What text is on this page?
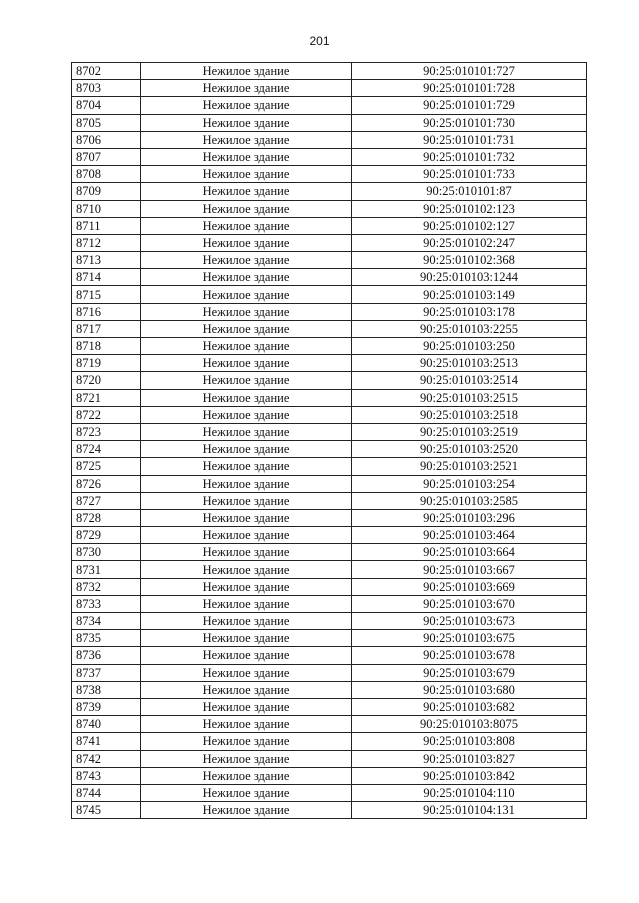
201
8702	Нежилое здание	90:25:010101:727
8703	Нежилое здание	90:25:010101:728
8704	Нежилое здание	90:25:010101:729
8705	Нежилое здание	90:25:010101:730
8706	Нежилое здание	90:25:010101:731
8707	Нежилое здание	90:25:010101:732
8708	Нежилое здание	90:25:010101:733
8709	Нежилое здание	90:25:010101:87
8710	Нежилое здание	90:25:010102:123
8711	Нежилое здание	90:25:010102:127
8712	Нежилое здание	90:25:010102:247
8713	Нежилое здание	90:25:010102:368
8714	Нежилое здание	90:25:010103:1244
8715	Нежилое здание	90:25:010103:149
8716	Нежилое здание	90:25:010103:178
8717	Нежилое здание	90:25:010103:2255
8718	Нежилое здание	90:25:010103:250
8719	Нежилое здание	90:25:010103:2513
8720	Нежилое здание	90:25:010103:2514
8721	Нежилое здание	90:25:010103:2515
8722	Нежилое здание	90:25:010103:2518
8723	Нежилое здание	90:25:010103:2519
8724	Нежилое здание	90:25:010103:2520
8725	Нежилое здание	90:25:010103:2521
8726	Нежилое здание	90:25:010103:254
8727	Нежилое здание	90:25:010103:2585
8728	Нежилое здание	90:25:010103:296
8729	Нежилое здание	90:25:010103:464
8730	Нежилое здание	90:25:010103:664
8731	Нежилое здание	90:25:010103:667
8732	Нежилое здание	90:25:010103:669
8733	Нежилое здание	90:25:010103:670
8734	Нежилое здание	90:25:010103:673
8735	Нежилое здание	90:25:010103:675
8736	Нежилое здание	90:25:010103:678
8737	Нежилое здание	90:25:010103:679
8738	Нежилое здание	90:25:010103:680
8739	Нежилое здание	90:25:010103:682
8740	Нежилое здание	90:25:010103:8075
8741	Нежилое здание	90:25:010103:808
8742	Нежилое здание	90:25:010103:827
8743	Нежилое здание	90:25:010103:842
8744	Нежилое здание	90:25:010104:110
8745	Нежилое здание	90:25:010104:131
